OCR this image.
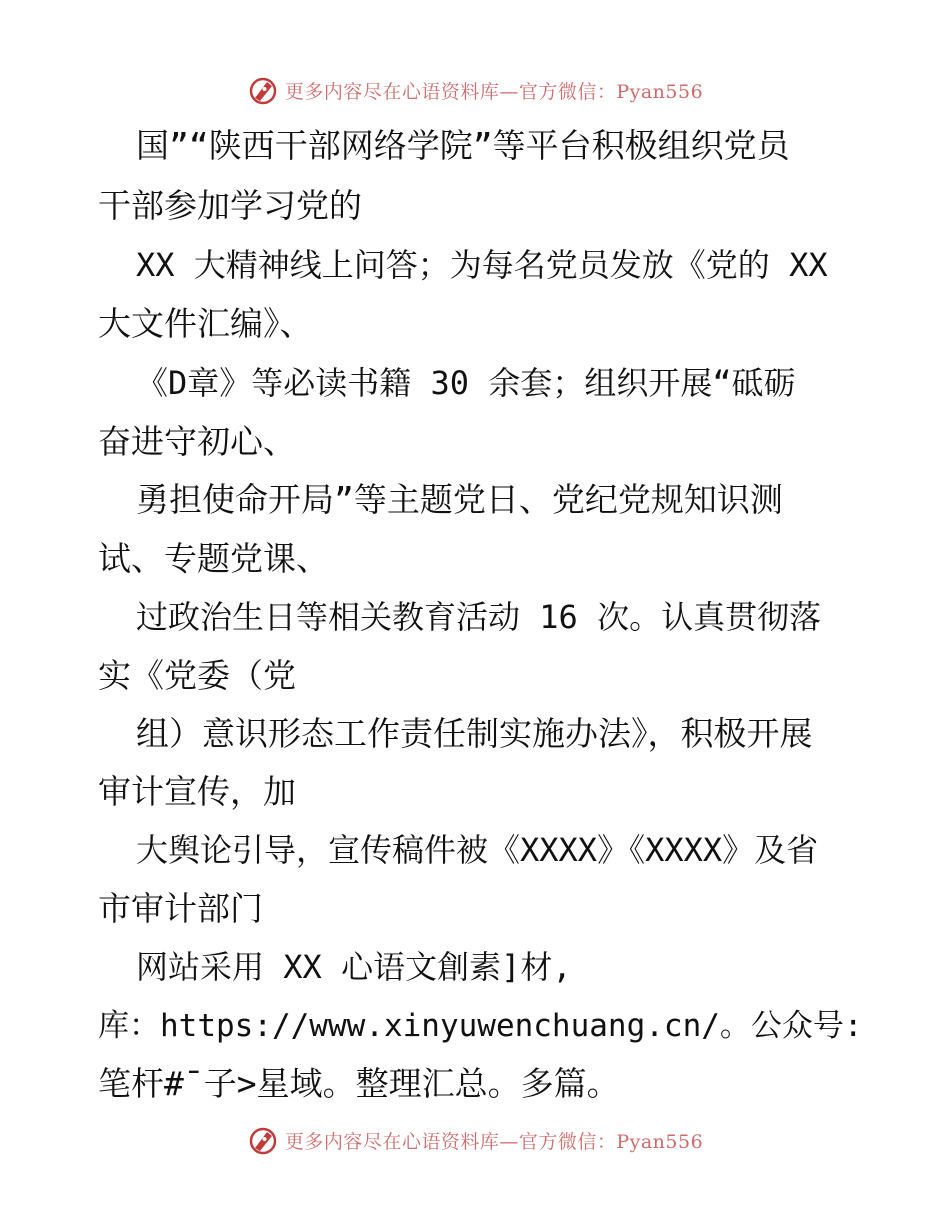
更多内容尽在心语资料库—官方微信：Pyan556
国”“陕西干部网络学院”等平台积极组织党员
干部参加学习党的
XX 大精神线上问答；为每名党员发放《党的 XX
大文件汇编》、
《D章》等必读书籍 30 余套；组织开展“砥砺
奋进守初心、
勇担使命开局”等主题党日、党纪党规知识测
试、专题党课、
过政治生日等相关教育活动 16 次。认真贯彻落
实《党委（党
组）意识形态工作责任制实施办法》，积极开展
审计宣传，加
大舆论引导，宣传稿件被《XXXX》《XXXX》及省
市审计部门
网站采用 XX 心语文創素]材,
库：https://www.xinyuwenchuang.cn/。公众号:
笔杆#¯子>星域。整理汇总。多篇。
更多内容尽在心语资料库—官方微信：Pyan556
